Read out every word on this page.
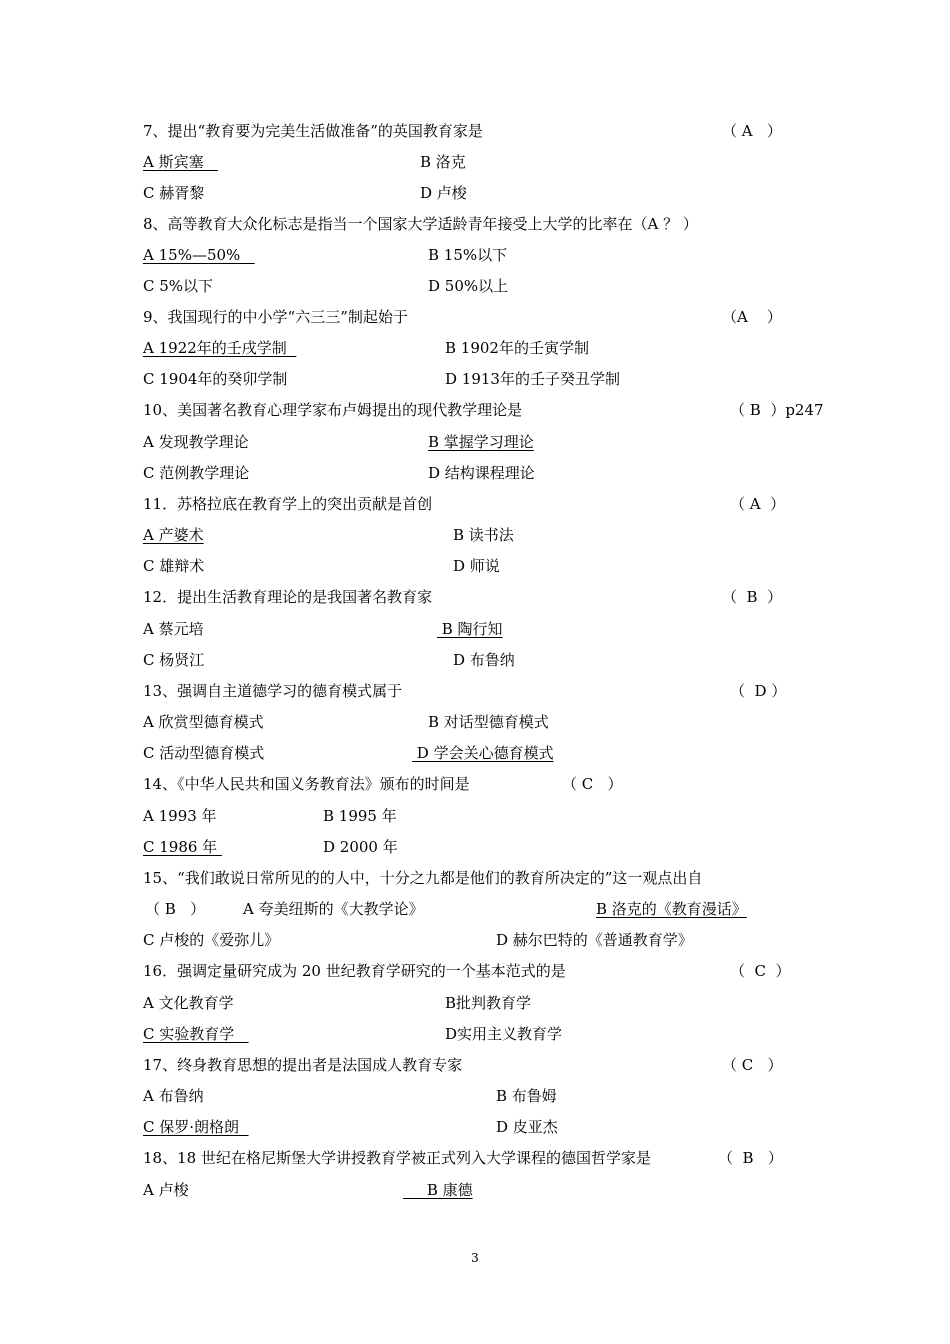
7、提出“教育要为完美生活做准备”的英国教育家是	（ A   ）
A 斯宾塞	B 洛克
C 赫胥黎	D 卢梭
8、高等教育大众化标志是指当一个国家大学适龄青年接受上大学的比率在（A ？ ）
A 15%—50%	B 15%以下
C 5%以下	D 50%以上
9、我国现行的中小学“六三三”制起始于	（A    ）
A 1922年的壬戌学制	B 1902年的壬寅学制
C 1904年的癸卯学制	D 1913年的壬子癸丑学制
10、美国著名教育心理学家布卢姆提出的现代教学理论是	（ B  ）p247
A 发现教学理论	B 掌握学习理论
C 范例教学理论	D 结构课程理论
11．苏格拉底在教育学上的突出贡献是首创	（ A  ）
A 产婆术	B 读书法
C 雄辩术	D 师说
12．提出生活教育理论的是我国著名教育家	（  B  ）
A 蔡元培	B 陶行知
C 杨贤江	D 布鲁纳
13、强调自主道德学习的德育模式属于	（  D ）
A 欣赏型德育模式	B 对话型德育模式
C 活动型德育模式	D 学会关心德育模式
14、《中华人民共和国义务教育法》颁布的时间是	（ C   ）
A 1993 年	B 1995 年
C 1986 年	D 2000 年
15、“我们敢说日常所见的的人中，十分之九都是他们的教育所决定的”这一观点出自
（ B   ）	A 夸美纽斯的《大教学论》	B 洛克的《教育漫话》
C 卢梭的《爱弥儿》	D 赫尔巴特的《普通教育学》
16．强调定量研究成为 20 世纪教育学研究的一个基本范式的是	（  C  ）
A 文化教育学	B批判教育学
C 实验教育学	D实用主义教育学
17、终身教育思想的提出者是法国成人教育专家	（ C   ）
A 布鲁纳	B 布鲁姆
C 保罗·朗格朗	D 皮亚杰
18、18 世纪在格尼斯堡大学讲授教育学被正式列入大学课程的德国哲学家是	（  B   ）
A 卢梭	B 康德
3
